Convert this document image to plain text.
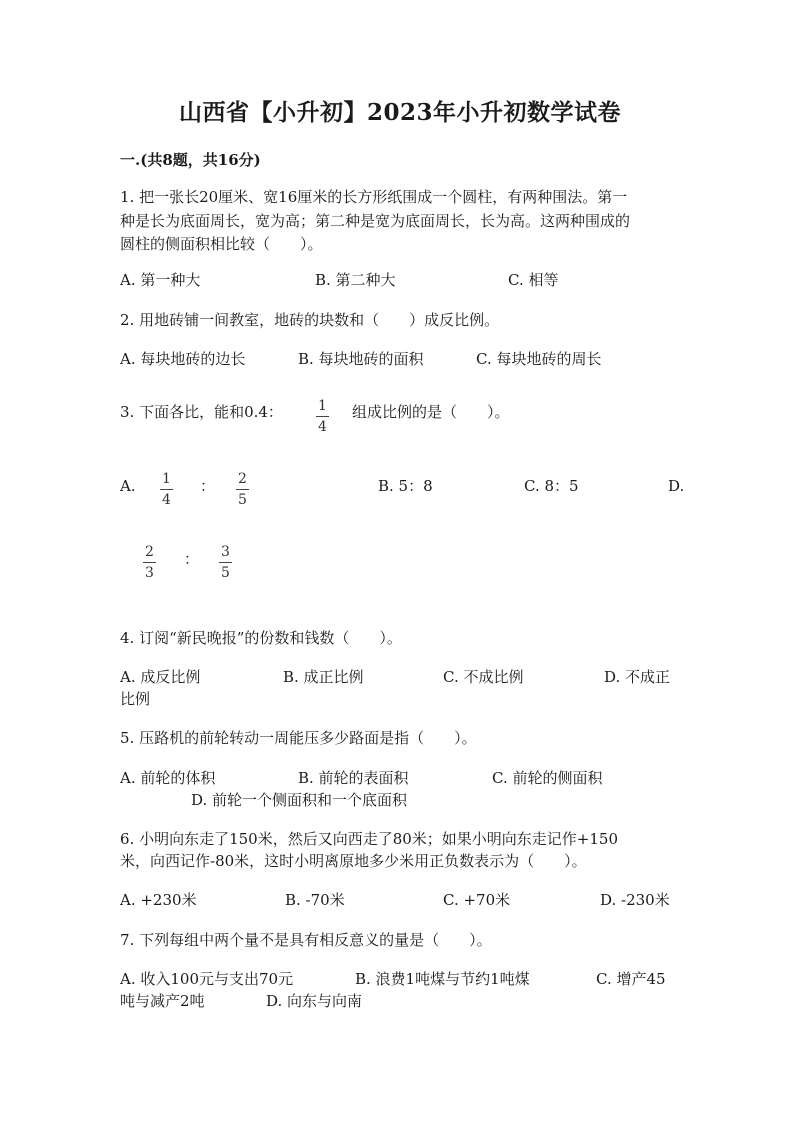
山西省【小升初】2023年小升初数学试卷
一.(共8题，共16分)
1. 把一张长20厘米、宽16厘米的长方形纸围成一个圆柱，有两种围法。第一
种是长为底面周长，宽为高；第二种是宽为底面周长，长为高。这两种围成的
圆柱的侧面积相比较（　　）。
A. 第一种大	B. 第二种大	C. 相等
2. 用地砖铺一间教室，地砖的块数和（　　）成反比例。
A. 每块地砖的边长	B. 每块地砖的面积	C. 每块地砖的周长
3. 下面各比，能和0.4：	1
4
组成比例的是（　　）。
A. 1
4
： 2
5
B. 5：8	C. 8：5	D.
2
3
： 3
5
4. 订阅“新民晚报”的份数和钱数（　　）。
A. 成反比例	B. 成正比例	C. 不成比例	D. 不成正
比例
5. 压路机的前轮转动一周能压多少路面是指（　　）。
A. 前轮的体积	B. 前轮的表面积	C. 前轮的侧面积
D. 前轮一个侧面积和一个底面积
6. 小明向东走了150米，然后又向西走了80米；如果小明向东走记作+150
米，向西记作-80米，这时小明离原地多少米用正负数表示为（　　）。
A. +230米	B. -70米	C. +70米	D. -230米
7. 下列每组中两个量不是具有相反意义的量是（　　）。
A. 收入100元与支出70元	B. 浪费1吨煤与节约1吨煤	C. 增产45
吨与减产2吨	D. 向东与向南
